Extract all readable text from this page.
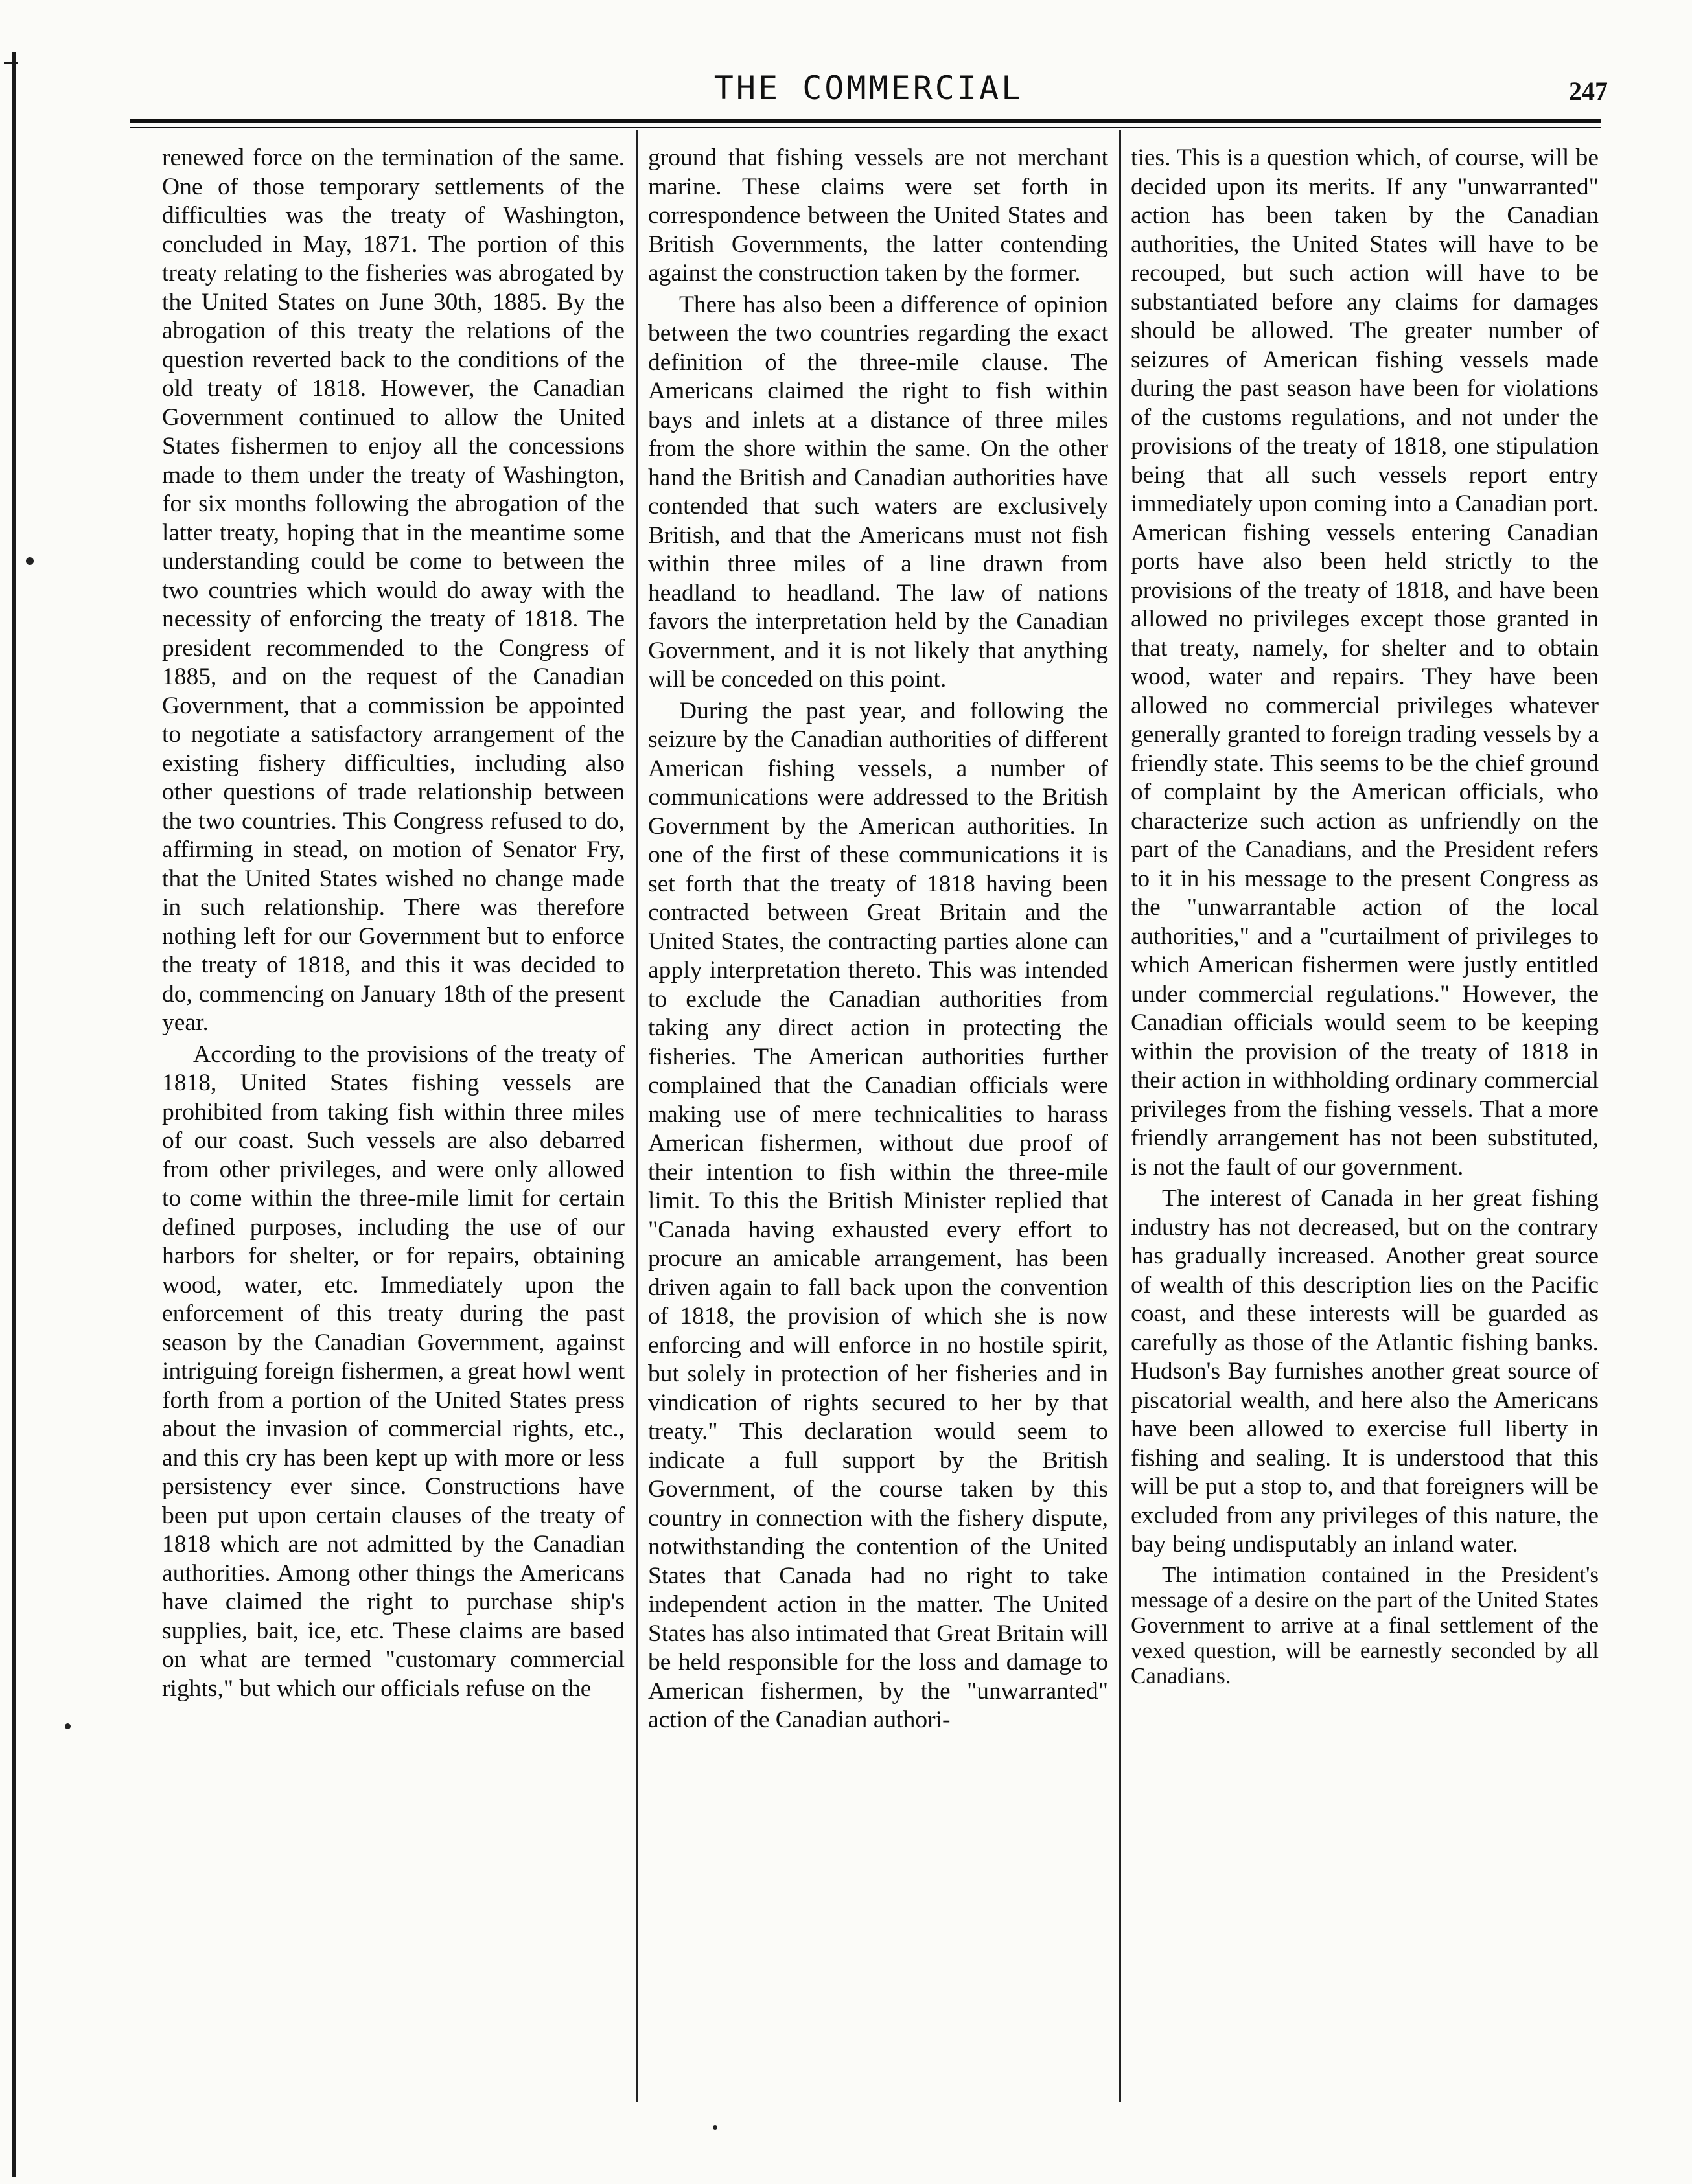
THE COMMERCIAL	247

renewed force on the termination of the same. One of those temporary settlements of the difficulties was the treaty of Washington, concluded in May, 1871. The portion of this treaty relating to the fisheries was abrogated by the United States on June 30th, 1885. By the abrogation of this treaty the relations of the question reverted back to the conditions of the old treaty of 1818. However, the Canadian Government continued to allow the United States fishermen to enjoy all the concessions made to them under the treaty of Washington, for six months following the abrogation of the latter treaty, hoping that in the meantime some understanding could be come to between the two countries which would do away with the necessity of enforcing the treaty of 1818. The president recommended to the Congress of 1885, and on the request of the Canadian Government, that a commission be appointed to negotiate a satisfactory arrangement of the existing fishery difficulties, including also other questions of trade relationship between the two countries. This Congress refused to do, affirming in stead, on motion of Senator Fry, that the United States wished no change made in such relationship. There was therefore nothing left for our Government but to enforce the treaty of 1818, and this it was decided to do, commencing on January 18th of the present year.

According to the provisions of the treaty of 1818, United States fishing vessels are prohibited from taking fish within three miles of our coast. Such vessels are also debarred from other privileges, and were only allowed to come within the three-mile limit for certain defined purposes, including the use of our harbors for shelter, or for repairs, obtaining wood, water, etc. Immediately upon the enforcement of this treaty during the past season by the Canadian Government, against intriguing foreign fishermen, a great howl went forth from a portion of the United States press about the invasion of commercial rights, etc., and this cry has been kept up with more or less persistency ever since. Constructions have been put upon certain clauses of the treaty of 1818 which are not admitted by the Canadian authorities. Among other things the Americans have claimed the right to purchase ship's supplies, bait, ice, etc. These claims are based on what are termed "customary commercial rights," but which our officials refuse on the

ground that fishing vessels are not merchant marine. These claims were set forth in correspondence between the United States and British Governments, the latter contending against the construction taken by the former.

There has also been a difference of opinion between the two countries regarding the exact definition of the three-mile clause. The Americans claimed the right to fish within bays and inlets at a distance of three miles from the shore within the same. On the other hand the British and Canadian authorities have contended that such waters are exclusively British, and that the Americans must not fish within three miles of a line drawn from headland to headland. The law of nations favors the interpretation held by the Canadian Government, and it is not likely that anything will be conceded on this point.

During the past year, and following the seizure by the Canadian authorities of different American fishing vessels, a number of communications were addressed to the British Government by the American authorities. In one of the first of these communications it is set forth that the treaty of 1818 having been contracted between Great Britain and the United States, the contracting parties alone can apply interpretation thereto. This was intended to exclude the Canadian authorities from taking any direct action in protecting the fisheries. The American authorities further complained that the Canadian officials were making use of mere technicalities to harass American fishermen, without due proof of their intention to fish within the three-mile limit. To this the British Minister replied that "Canada having exhausted every effort to procure an amicable arrangement, has been driven again to fall back upon the convention of 1818, the provision of which she is now enforcing and will enforce in no hostile spirit, but solely in protection of her fisheries and in vindication of rights secured to her by that treaty." This declaration would seem to indicate a full support by the British Government, of the course taken by this country in connection with the fishery dispute, notwithstanding the contention of the United States that Canada had no right to take independent action in the matter. The United States has also intimated that Great Britain will be held responsible for the loss and damage to American fishermen, by the "unwarranted" action of the Canadian authori-

ties. This is a question which, of course, will be decided upon its merits. If any "unwarranted" action has been taken by the Canadian authorities, the United States will have to be recouped, but such action will have to be substantiated before any claims for damages should be allowed. The greater number of seizures of American fishing vessels made during the past season have been for violations of the customs regulations, and not under the provisions of the treaty of 1818, one stipulation being that all such vessels report entry immediately upon coming into a Canadian port. American fishing vessels entering Canadian ports have also been held strictly to the provisions of the treaty of 1818, and have been allowed no privileges except those granted in that treaty, namely, for shelter and to obtain wood, water and repairs. They have been allowed no commercial privileges whatever generally granted to foreign trading vessels by a friendly state. This seems to be the chief ground of complaint by the American officials, who characterize such action as unfriendly on the part of the Canadians, and the President refers to it in his message to the present Congress as the "unwarrantable action of the local authorities," and a "curtailment of privileges to which American fishermen were justly entitled under commercial regulations." However, the Canadian officials would seem to be keeping within the provision of the treaty of 1818 in their action in withholding ordinary commercial privileges from the fishing vessels. That a more friendly arrangement has not been substituted, is not the fault of our government.

The interest of Canada in her great fishing industry has not decreased, but on the contrary has gradually increased. Another great source of wealth of this description lies on the Pacific coast, and these interests will be guarded as carefully as those of the Atlantic fishing banks. Hudson's Bay furnishes another great source of piscatorial wealth, and here also the Americans have been allowed to exercise full liberty in fishing and sealing. It is understood that this will be put a stop to, and that foreigners will be excluded from any privileges of this nature, the bay being undisputably an inland water.

The intimation contained in the President's message of a desire on the part of the United States Government to arrive at a final settlement of the vexed question, will be earnestly seconded by all Canadians.
